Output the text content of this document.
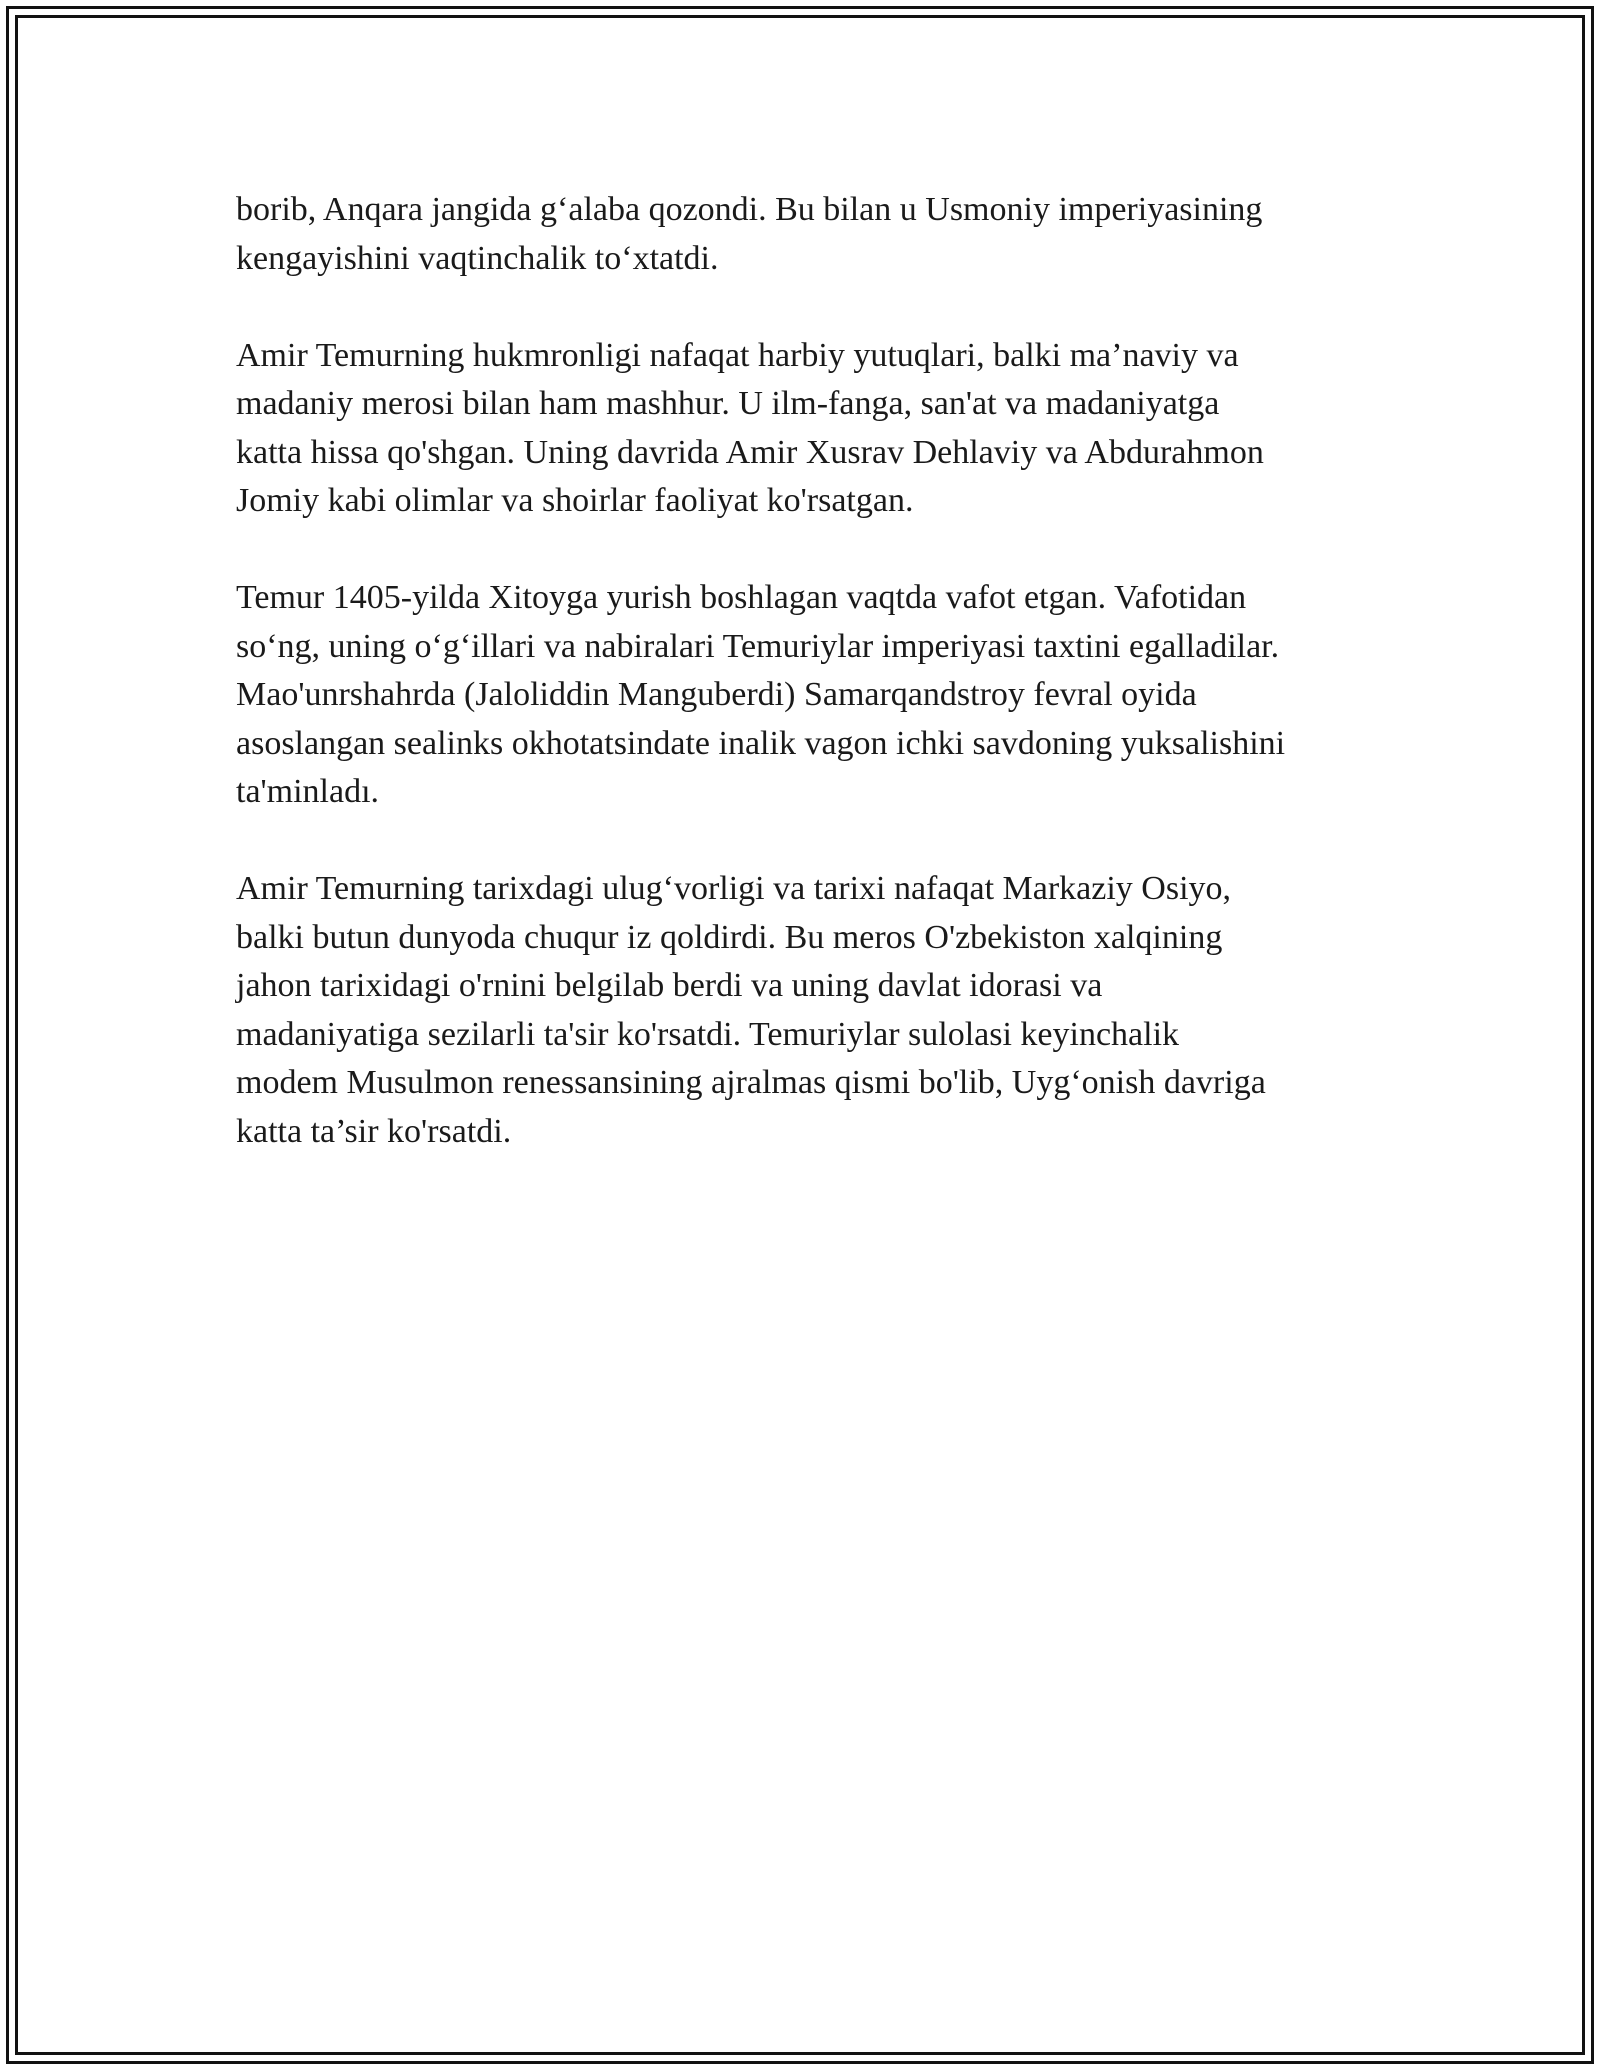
borib, Anqara jangida g‘alaba qozondi. Bu bilan u Usmoniy imperiyasining
kengayishini vaqtinchalik to‘xtatdi.

Amir Temurning hukmronligi nafaqat harbiy yutuqlari, balki ma’naviy va
madaniy merosi bilan ham mashhur. U ilm-fanga, san'at va madaniyatga
katta hissa qo'shgan. Uning davrida Amir Xusrav Dehlaviy va Abdurahmon
Jomiy kabi olimlar va shoirlar faoliyat ko'rsatgan.

Temur 1405-yilda Xitoyga yurish boshlagan vaqtda vafot etgan. Vafotidan
so‘ng, uning o‘g‘illari va nabiralari Temuriylar imperiyasi taxtini egalladilar.
Mao'unrshahrda (Jaloliddin Manguberdi) Samarqandstroy fevral oyida
asoslangan sealinks okhotatsindate inalik vagon ichki savdoning yuksalishini
ta'minladı.

Amir Temurning tarixdagi ulug‘vorligi va tarixi nafaqat Markaziy Osiyo,
balki butun dunyoda chuqur iz qoldirdi. Bu meros O'zbekiston xalqining
jahon tarixidagi o'rnini belgilab berdi va uning davlat idorasi va
madaniyatiga sezilarli ta'sir ko'rsatdi. Temuriylar sulolasi keyinchalik
modem Musulmon renessansining ajralmas qismi bo'lib, Uyg‘onish davriga
katta ta’sir ko'rsatdi.
